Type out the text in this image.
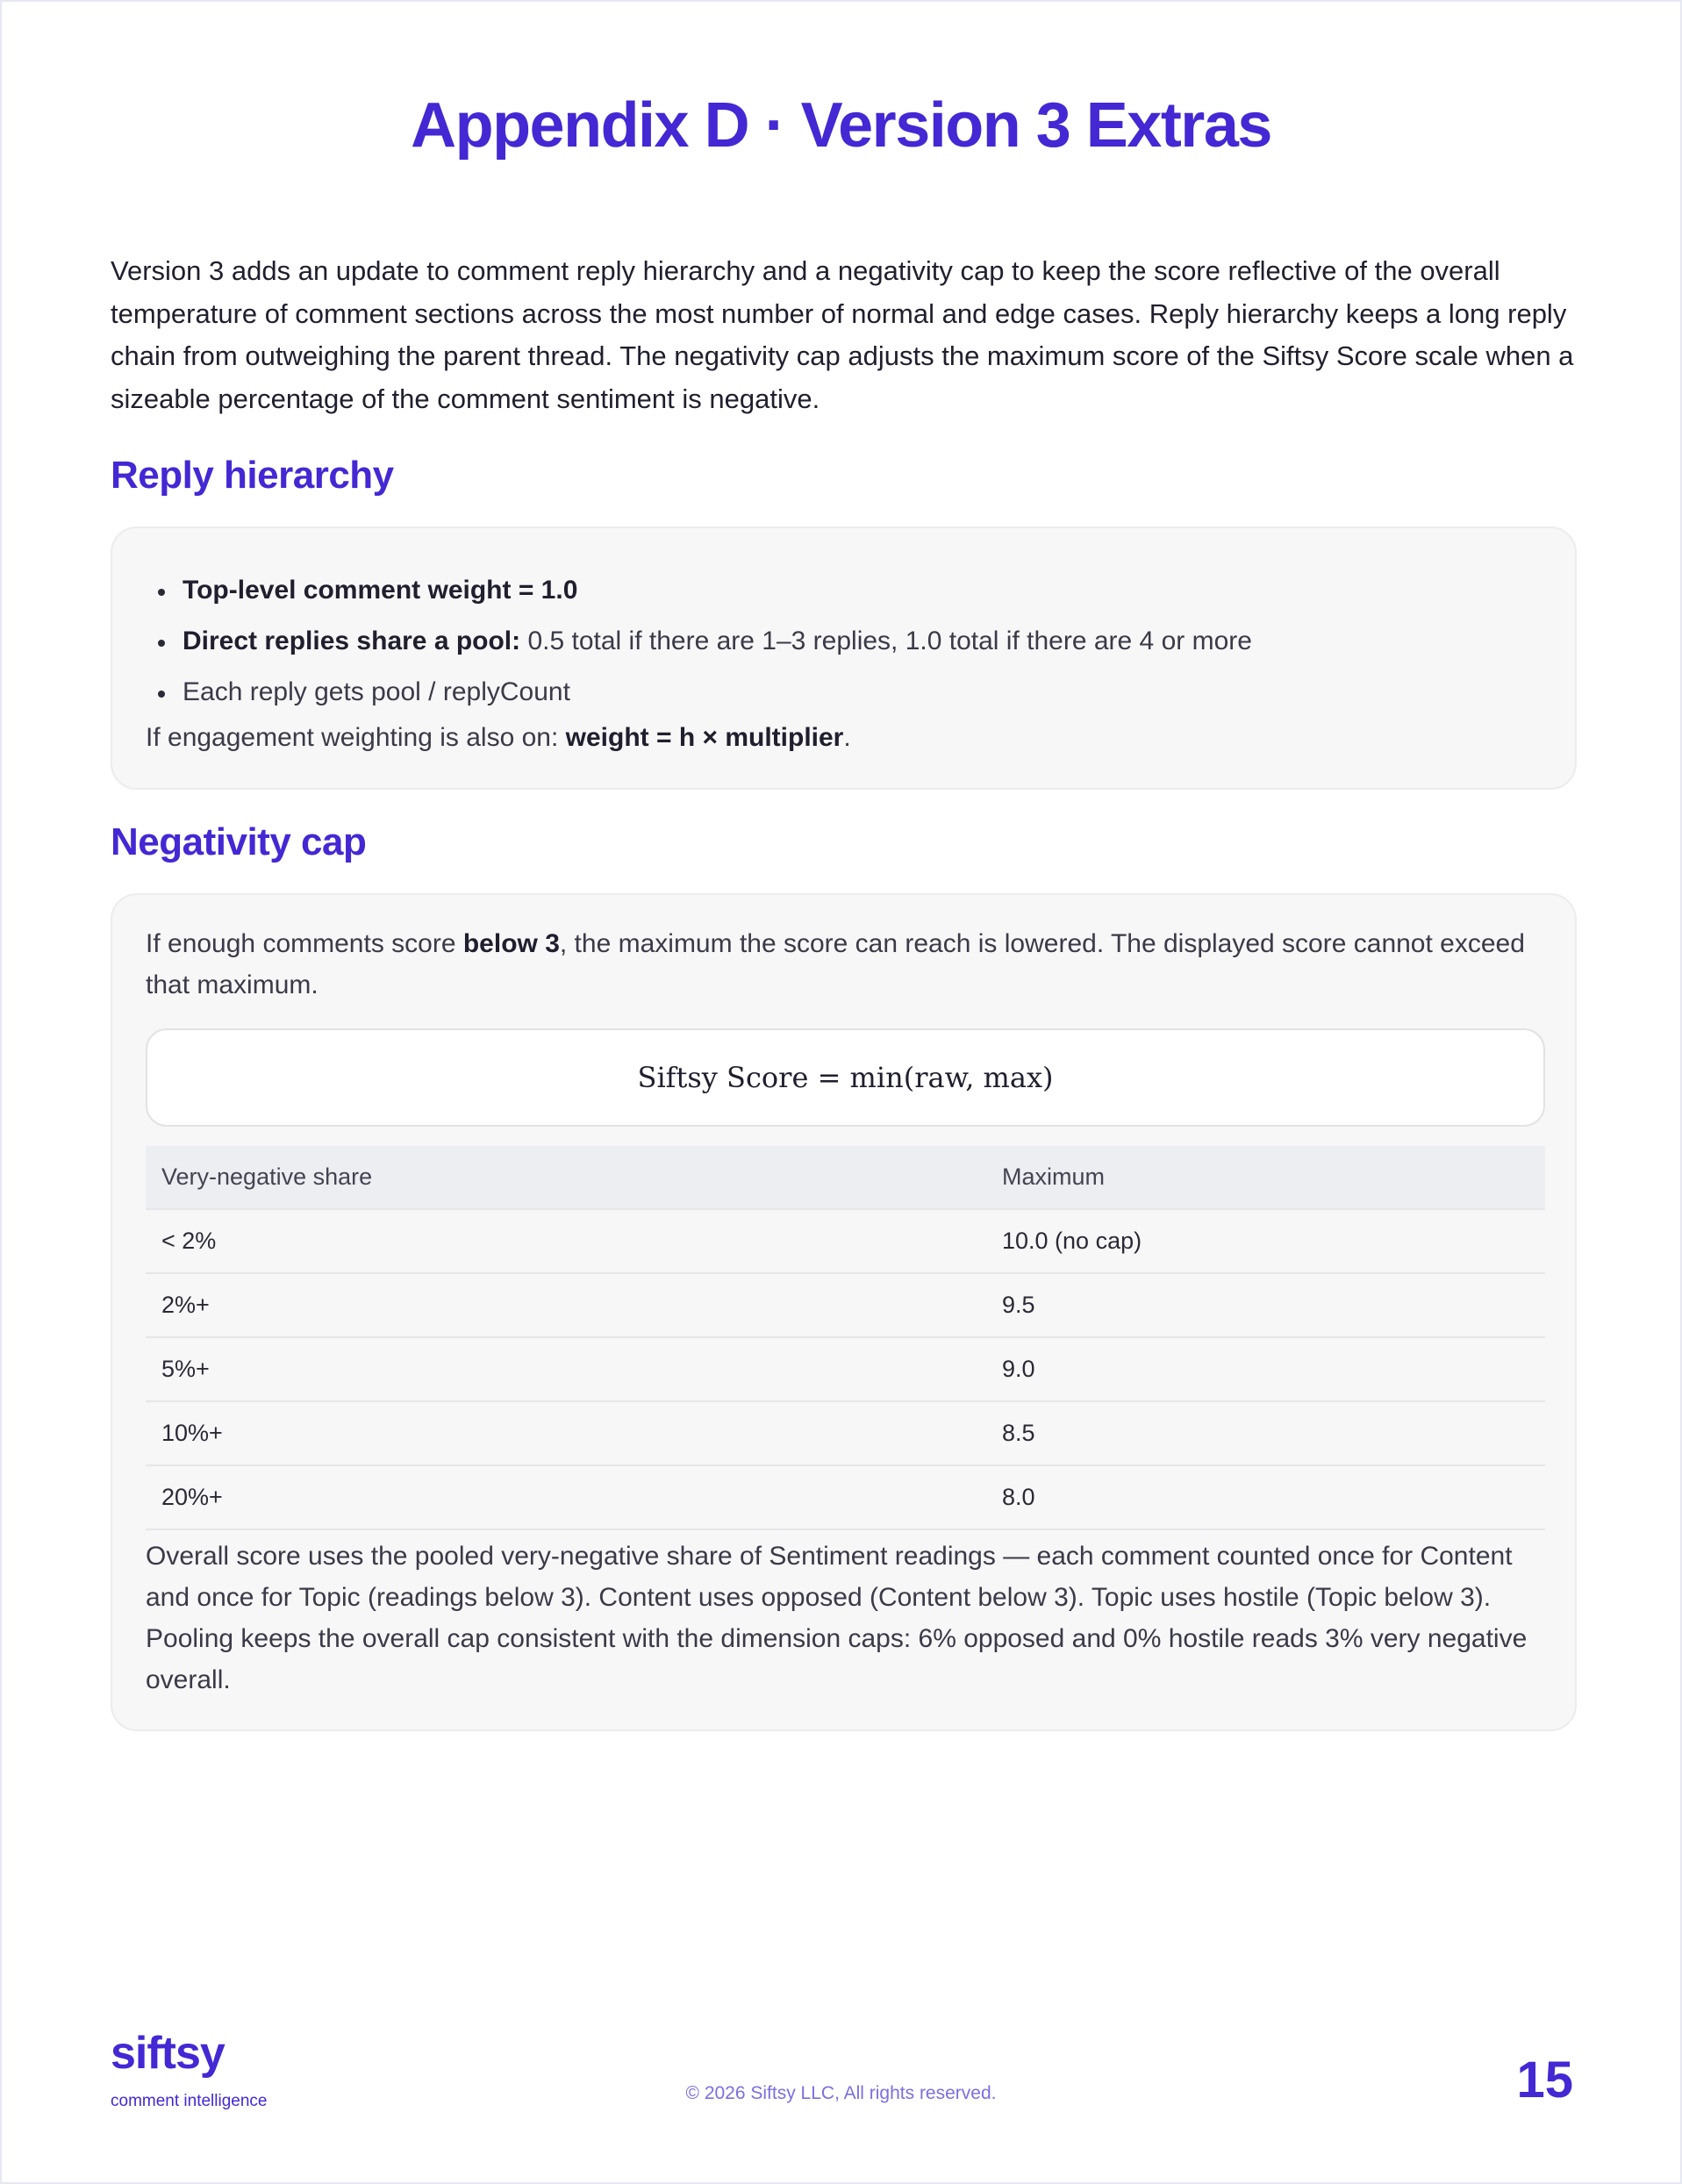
Appendix D · Version 3 Extras

Version 3 adds an update to comment reply hierarchy and a negativity cap to keep the score reflective of the overall temperature of comment sections across the most number of normal and edge cases. Reply hierarchy keeps a long reply chain from outweighing the parent thread. The negativity cap adjusts the maximum score of the Siftsy Score scale when a sizeable percentage of the comment sentiment is negative.

Reply hierarchy
Top-level comment weight = 1.0
Direct replies share a pool: 0.5 total if there are 1–3 replies, 1.0 total if there are 4 or more
Each reply gets pool / replyCount

If engagement weighting is also on: weight = h × multiplier.

Negativity cap

If enough comments score below 3, the maximum the score can reach is lowered. The displayed score cannot exceed that maximum.

Siftsy Score = min(raw, max)
Very-negative share	Maximum
< 2%	10.0 (no cap)
2%+	9.5
5%+	9.0
10%+	8.5
20%+	8.0

Overall score uses the pooled very-negative share of Sentiment readings — each comment counted once for Content and once for Topic (readings below 3). Content uses opposed (Content below 3). Topic uses hostile (Topic below 3). Pooling keeps the overall cap consistent with the dimension caps: 6% opposed and 0% hostile reads 3% very negative overall.

siftsy
comment intelligence	© 2026 Siftsy LLC, All rights reserved.	15
